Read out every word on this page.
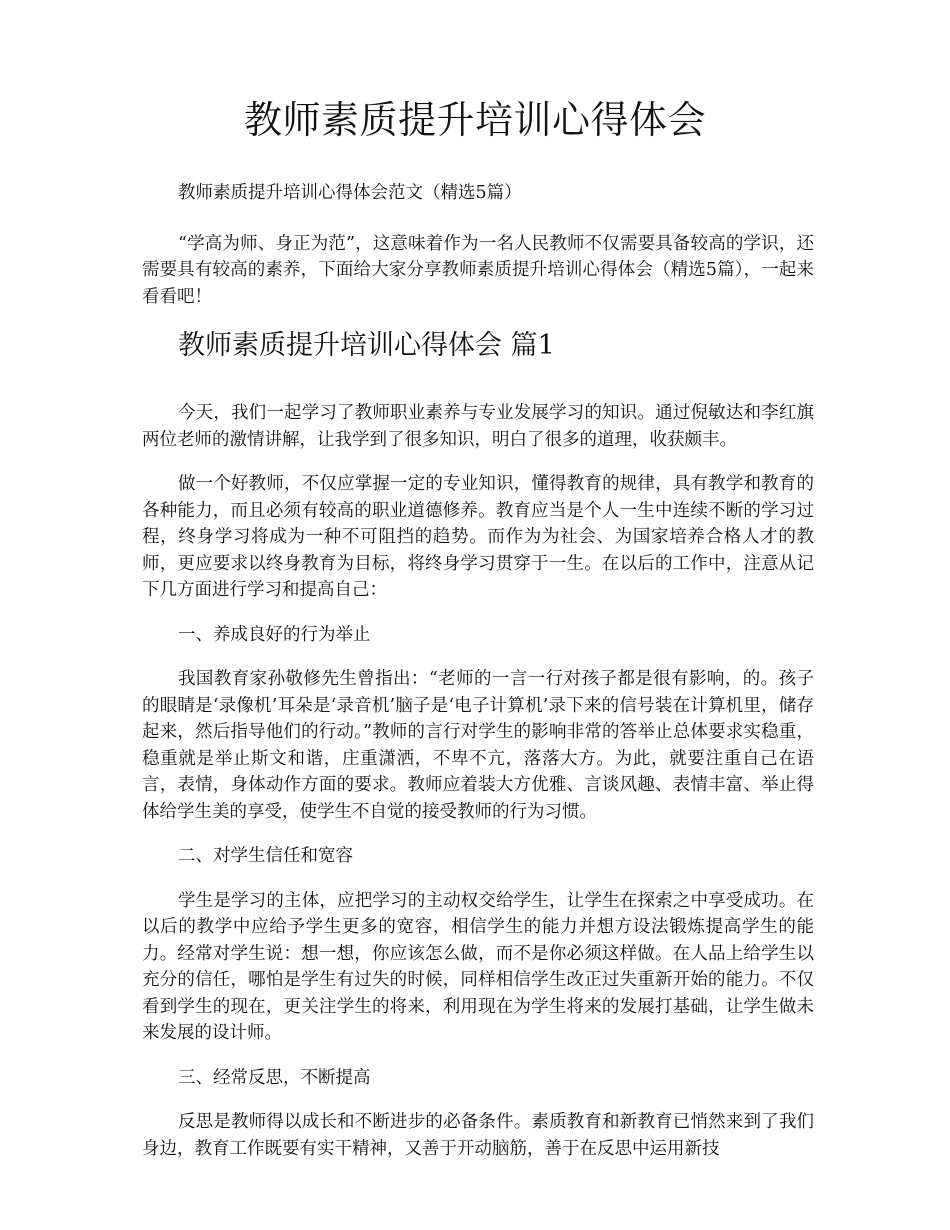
教师素质提升培训心得体会

教师素质提升培训心得体会范文（精选5篇）

“学高为师、身正为范”，这意味着作为一名人民教师不仅需要具备较高的学识，还需要具有较高的素养，下面给大家分享教师素质提升培训心得体会（精选5篇），一起来看看吧！

教师素质提升培训心得体会 篇1

今天，我们一起学习了教师职业素养与专业发展学习的知识。通过倪敏达和李红旗两位老师的激情讲解，让我学到了很多知识，明白了很多的道理，收获颇丰。

做一个好教师，不仅应掌握一定的专业知识，懂得教育的规律，具有教学和教育的各种能力，而且必须有较高的职业道德修养。教育应当是个人一生中连续不断的学习过程，终身学习将成为一种不可阻挡的趋势。而作为为社会、为国家培养合格人才的教师，更应要求以终身教育为目标，将终身学习贯穿于一生。在以后的工作中，注意从记下几方面进行学习和提高自己：

一、养成良好的行为举止

我国教育家孙敬修先生曾指出：“老师的一言一行对孩子都是很有影响，的。孩子的眼睛是‘录像机’耳朵是‘录音机’脑子是‘电子计算机’录下来的信号装在计算机里，储存起来，然后指导他们的行动。”教师的言行对学生的影响非常的答举止总体要求实稳重，稳重就是举止斯文和谐，庄重潇洒，不卑不亢，落落大方。为此，就要注重自己在语言，表情，身体动作方面的要求。教师应着装大方优雅、言谈风趣、表情丰富、举止得体给学生美的享受，使学生不自觉的接受教师的行为习惯。

二、对学生信任和宽容

学生是学习的主体，应把学习的主动权交给学生，让学生在探索之中享受成功。在以后的教学中应给予学生更多的宽容，相信学生的能力并想方设法锻炼提高学生的能力。经常对学生说：想一想，你应该怎么做，而不是你必须这样做。在人品上给学生以充分的信任，哪怕是学生有过失的时候，同样相信学生改正过失重新开始的能力。不仅看到学生的现在，更关注学生的将来，利用现在为学生将来的发展打基础，让学生做未来发展的设计师。

三、经常反思，不断提高

反思是教师得以成长和不断进步的必备条件。素质教育和新教育已悄然来到了我们身边，教育工作既要有实干精神，又善于开动脑筋，善于在反思中运用新技
